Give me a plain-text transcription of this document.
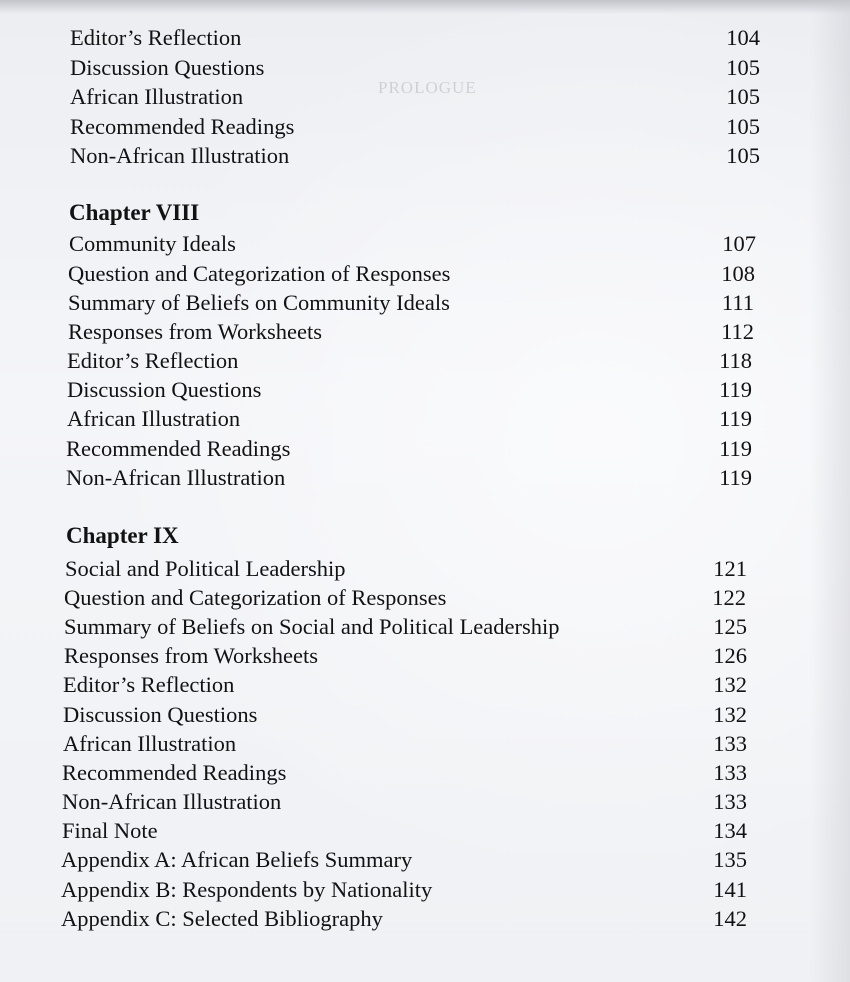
PROLOGUE
Editor’s Reflection	104
Discussion Questions	105
African Illustration	105
Recommended Readings	105
Non-African Illustration	105
Chapter VIII
Community Ideals	107
Question and Categorization of Responses	108
Summary of Beliefs on Community Ideals	111
Responses from Worksheets	112
Editor’s Reflection	118
Discussion Questions	119
African Illustration	119
Recommended Readings	119
Non-African Illustration	119
Chapter IX
Social and Political Leadership	121
Question and Categorization of Responses	122
Summary of Beliefs on Social and Political Leadership	125
Responses from Worksheets	126
Editor’s Reflection	132
Discussion Questions	132
African Illustration	133
Recommended Readings	133
Non-African Illustration	133
Final Note	134
Appendix A: African Beliefs Summary	135
Appendix B: Respondents by Nationality	141
Appendix C: Selected Bibliography	142
